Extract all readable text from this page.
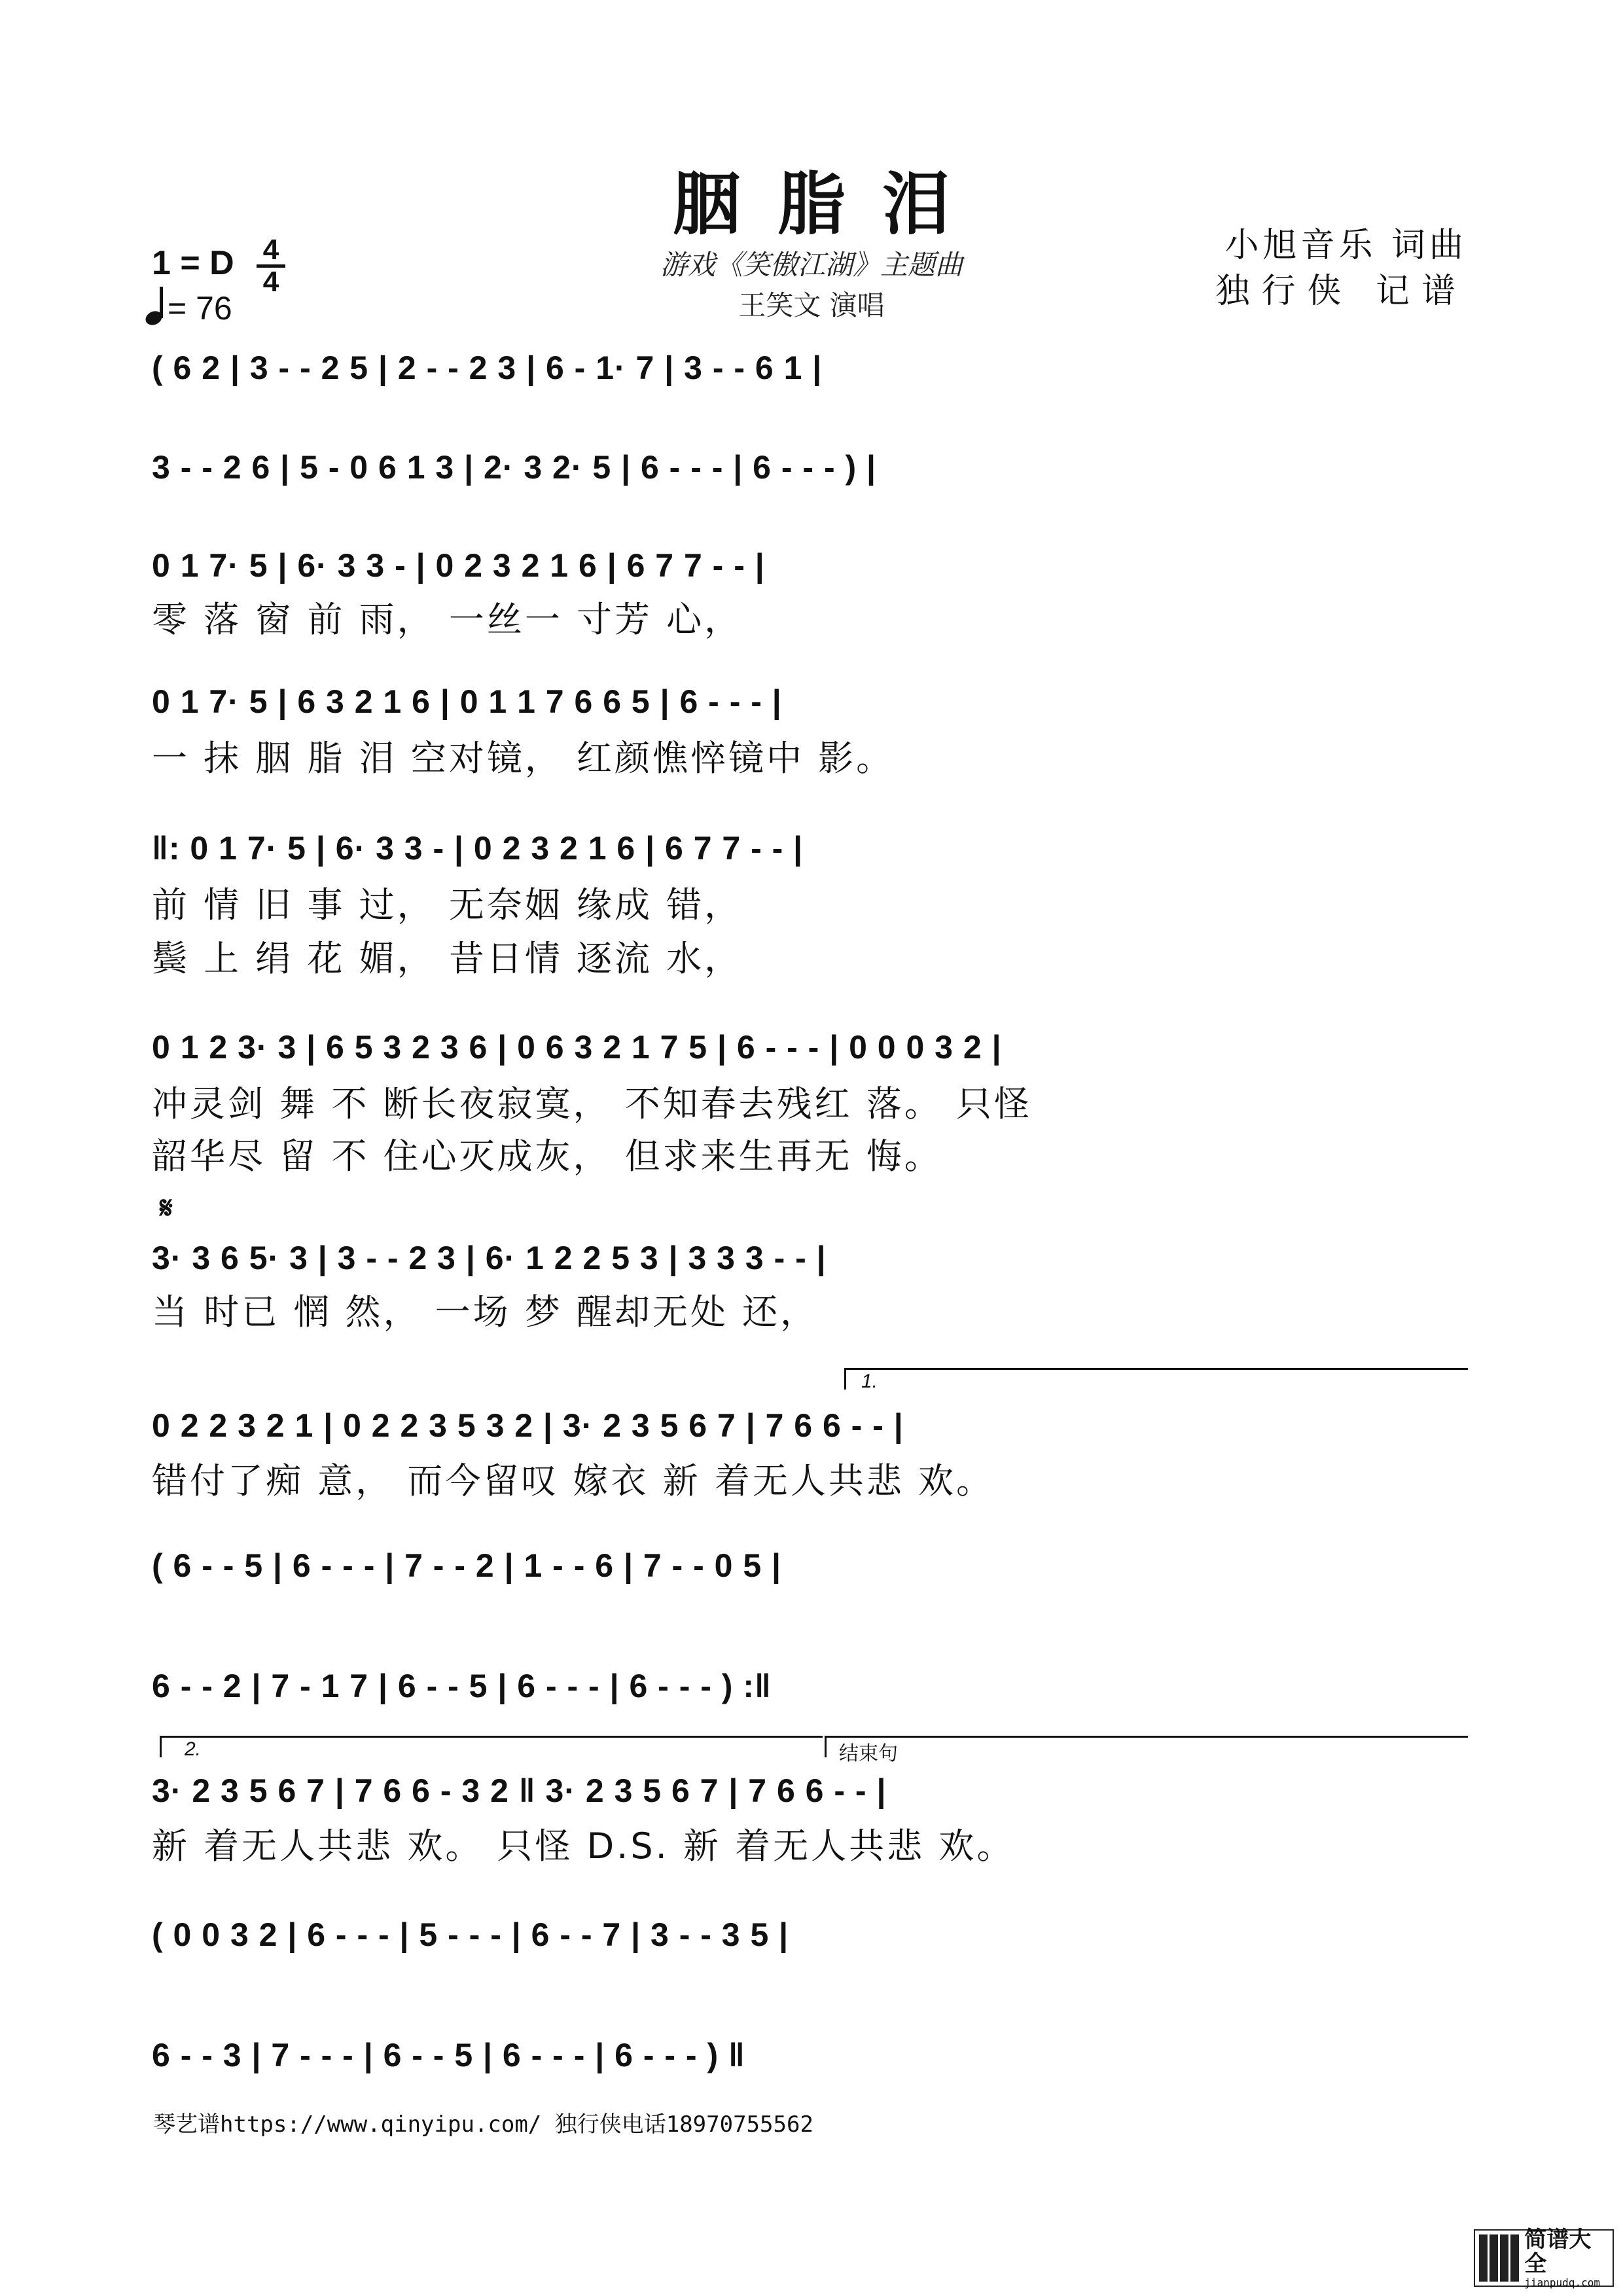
胭脂泪
游戏《笑傲江湖》主题曲
王笑文 演唱
小旭音乐 词曲
独行侠 记谱
1 = D $\frac{4}{4}$
= 76
( 6 2 | 3 - - 2 5 | 2 - - 2 3 | 6 - 1· 7 | 3 - - 6 1 |
3 - - 2 6 | 5 - 0 6 1 3 | 2· 3 2· 5 | 6 - - - | 6 - - - ) |
0 1 7· 5 | 6· 3 3 - | 0 2 3 2 1 6 | 6 7 7 - - |
零 落 窗 前 雨， 一丝一 寸芳 心，
0 1 7· 5 | 6 3 2 1 6 | 0 1 1 7 6 6 5 | 6 - - - |
一 抹 胭 脂 泪 空对镜， 红颜憔悴镜中 影。
‖: 0 1 7· 5 | 6· 3 3 - | 0 2 3 2 1 6 | 6 7 7 - - |
前 情 旧 事 过， 无奈姻 缘成 错，
鬓 上 绢 花 媚， 昔日情 逐流 水，
0 1 2 3· 3 | 6 5 3 2 3 6 | 0 6 3 2 1 7 5 | 6 - - - | 0 0 0 3 2 |
冲灵剑 舞 不 断长夜寂寞， 不知春去残红 落。 只怪
韶华尽 留 不 住心灭成灰， 但求来生再无 悔。
𝄋
3· 3 6 5· 3 | 3 - - 2 3 | 6· 1 2 2 5 3 | 3 3 3 - - |
当 时已 惘 然， 一场 梦 醒却无处 还，
1.
0 2 2 3 2 1 | 0 2 2 3 5 3 2 | 3· 2 3 5 6 7 | 7 6 6 - - |
错付了痴 意， 而今留叹 嫁衣 新 着无人共悲 欢。
( 6 - - 5 | 6 - - - | 7 - - 2 | 1 - - 6 | 7 - - 0 5 |
6 - - 2 | 7 - 1 7 | 6 - - 5 | 6 - - - | 6 - - - ) :‖
2.	结束句
3· 2 3 5 6 7 | 7 6 6 - 3 2 ‖ 3· 2 3 5 6 7 | 7 6 6 - - |
新 着无人共悲 欢。 只怪 D.S. 新 着无人共悲 欢。
( 0 0 3 2 | 6 - - - | 5 - - - | 6 - - 7 | 3 - - 3 5 |
6 - - 3 | 7 - - - | 6 - - 5 | 6 - - - | 6 - - - ) ‖
琴艺谱https://www.qinyipu.com/ 独行侠电话18970755562
简谱大全
jianpudq.com
